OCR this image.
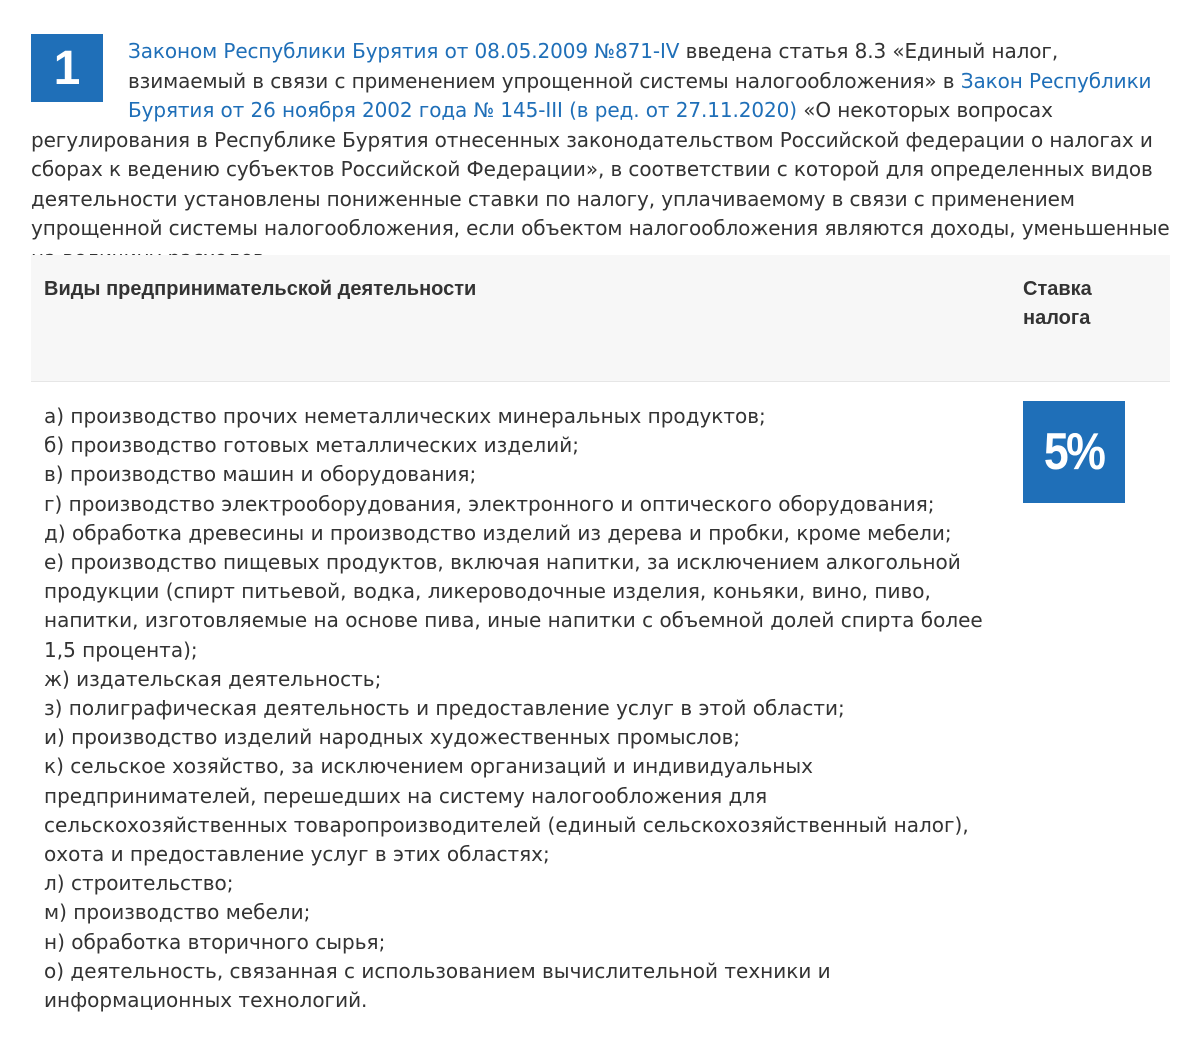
1	Законом Республики Бурятия от 08.05.2009 №871-IV введена статья 8.3 «Единый налог, взимаемый в связи с применением упрощенной системы налогообложения» в Закон Республики Бурятия от 26 ноября 2002 года № 145-III (в ред. от 27.11.2020) «О некоторых вопросах регулирования в Республике Бурятия отнесенных законодательством Российской федерации о налогах и сборах к ведению субъектов Российской Федерации», в соответствии с которой для определенных видов деятельности установлены пониженные ставки по налогу, уплачиваемому в связи с применением упрощенной системы налогообложения, если объектом налогообложения являются доходы, уменьшенные

Виды предпринимательской деятельности	Ставка налога
а) производство прочих неметаллических минеральных продуктов;
б) производство готовых металлических изделий;
в) производство машин и оборудования;
г) производство электрооборудования, электронного и оптического оборудования;
д) обработка древесины и производство изделий из дерева и пробки, кроме мебели;
е) производство пищевых продуктов, включая напитки, за исключением алкогольной продукции (спирт питьевой, водка, ликероводочные изделия, коньяки, вино, пиво, напитки, изготовляемые на основе пива, иные напитки с объемной долей спирта более 1,5 процента);
ж) издательская деятельность;
з) полиграфическая деятельность и предоставление услуг в этой области;
и) производство изделий народных художественных промыслов;
к) сельское хозяйство, за исключением организаций и индивидуальных предпринимателей, перешедших на систему налогообложения для сельскохозяйственных товаропроизводителей (единый сельскохозяйственный налог), охота и предоставление услуг в этих областях;
л) строительство;
м) производство мебели;
н) обработка вторичного сырья;
о) деятельность, связанная с использованием вычислительной техники и информационных технологий.
5%
